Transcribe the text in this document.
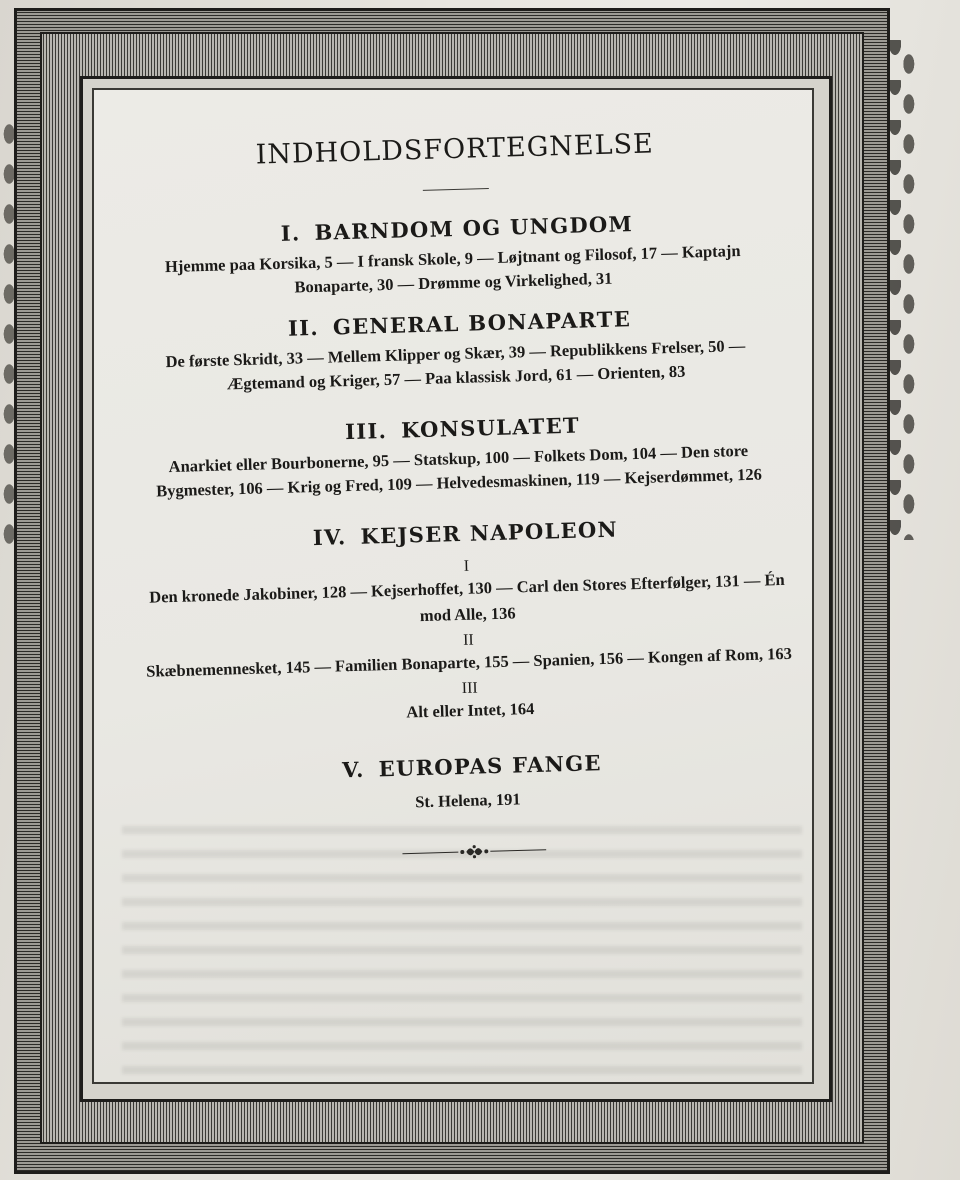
INDHOLDSFORTEGNELSE
I. BARNDOM OG UNGDOM

Hjemme paa Korsika, 5 — I fransk Skole, 9 — Løjtnant og Filosof, 17 — Kaptajn Bonaparte, 30 — Drømme og Virkelighed, 31

II. GENERAL BONAPARTE

De første Skridt, 33 — Mellem Klipper og Skær, 39 — Republikkens Frelser, 50 — Ægtemand og Kriger, 57 — Paa klassisk Jord, 61 — Orienten, 83

III. KONSULATET

Anarkiet eller Bourbonerne, 95 — Statskup, 100 — Folkets Dom, 104 — Den store Bygmester, 106 — Krig og Fred, 109 — Helvedesmaskinen, 119 — Kejserdømmet, 126

IV. KEJSER NAPOLEON

I

Den kronede Jakobiner, 128 — Kejserhoffet, 130 — Carl den Stores Efterfølger, 131 — Én mod Alle, 136

II

Skæbnemennesket, 145 — Familien Bonaparte, 155 — Spanien, 156 — Kongen af Rom, 163

III

Alt eller Intet, 164

V. EUROPAS FANGE

St. Helena, 191
